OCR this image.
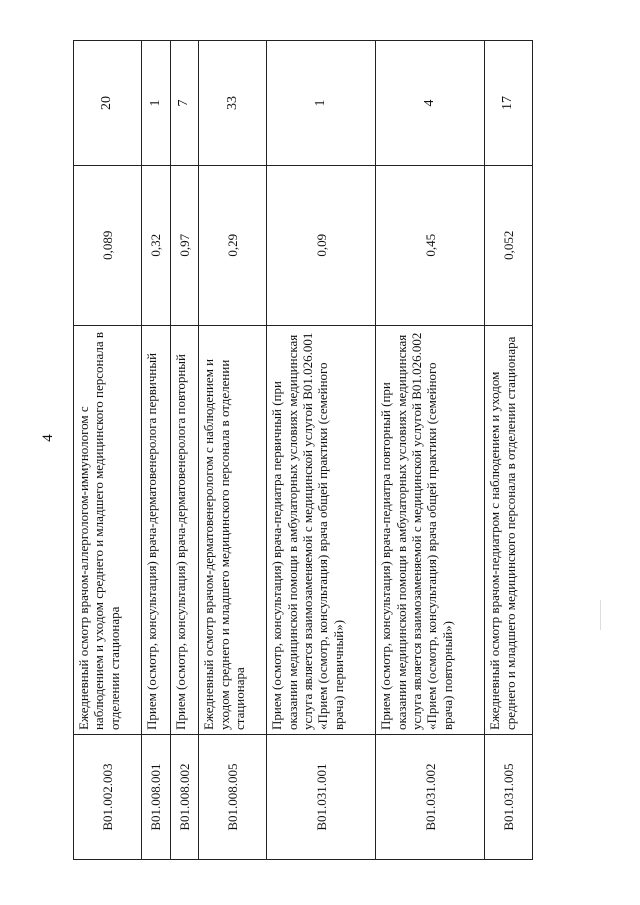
4
B01.002.003	Ежедневный осмотр врачом-аллергологом-иммунологом с наблюдением и уходом среднего и младшего медицинского персонала в отделении стационара	0,089	20
B01.008.001	Прием (осмотр, консультация) врача-дерматовенеролога первичный	0,32	1
B01.008.002	Прием (осмотр, консультация) врача-дерматовенеролога повторный	0,97	7
B01.008.005	Ежедневный осмотр врачом-дерматовенерологом с наблюдением и уходом среднего и младшего медицинского персонала в отделении стационара	0,29	33
B01.031.001	Прием (осмотр, консультация) врача-педиатра первичный (при оказании медицинской помощи в амбулаторных условиях медицинская услуга является взаимозаменяемой с медицинской услугой B01.026.001 «Прием (осмотр, консультация) врача общей практики (семейного врача) первичный»)	0,09	1
B01.031.002	Прием (осмотр, консультация) врача-педиатра повторный (при оказании медицинской помощи в амбулаторных условиях медицинская услуга является взаимозаменяемой с медицинской услугой B01.026.002 «Прием (осмотр, консультация) врача общей практики (семейного врача) повторный»)	0,45	4
B01.031.005	Ежедневный осмотр врачом-педиатром с наблюдением и уходом среднего и младшего медицинского персонала в отделении стационара	0,052	17
